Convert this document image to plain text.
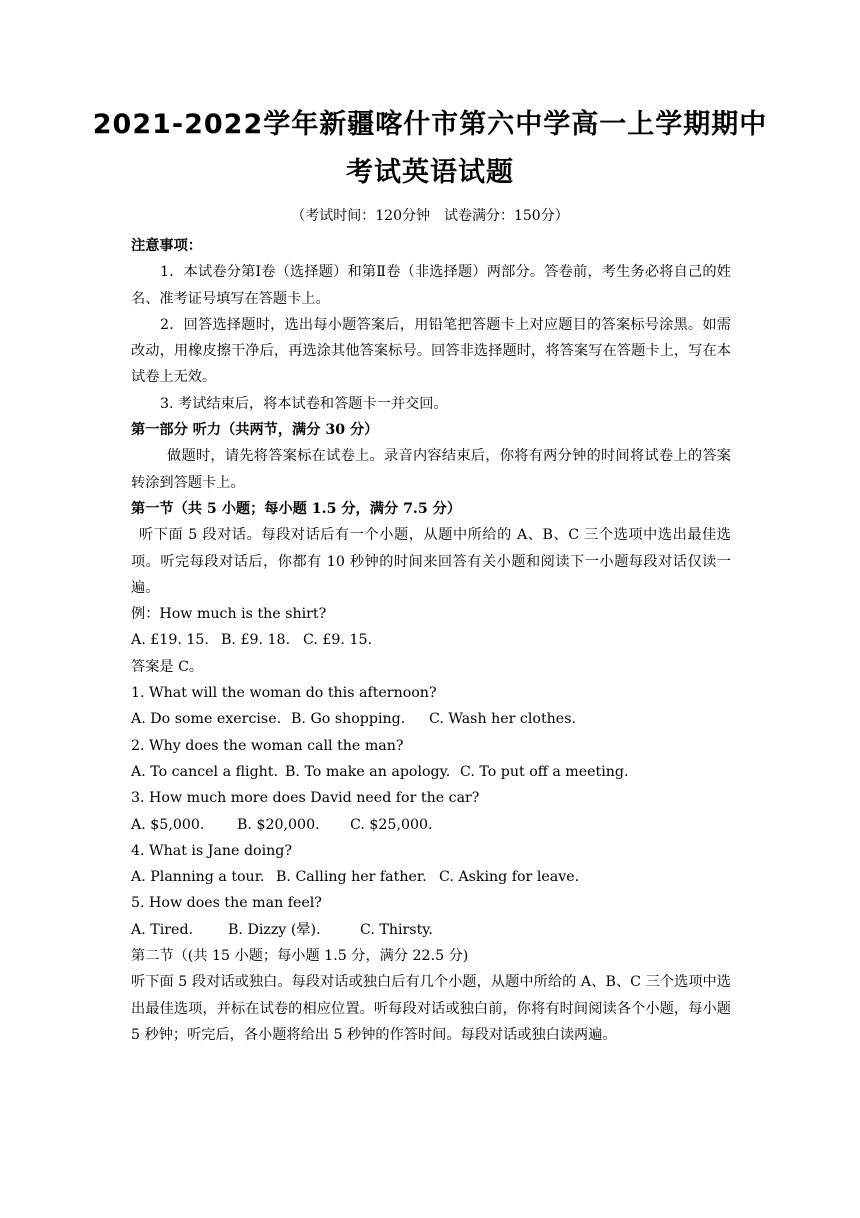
2021-2022学年新疆喀什市第六中学高一上学期期中
考试英语试题
（考试时间：120分钟　试卷满分：150分）

注意事项：

1．本试卷分第Ⅰ卷（选择题）和第Ⅱ卷（非选择题）两部分。答卷前，考生务必将自己的姓名、准考证号填写在答题卡上。

2．回答选择题时，选出每小题答案后，用铅笔把答题卡上对应题目的答案标号涂黑。如需改动，用橡皮擦干净后，再选涂其他答案标号。回答非选择题时，将答案写在答题卡上，写在本试卷上无效。

3. 考试结束后，将本试卷和答题卡一并交回。

第一部分 听力（共两节，满分 30 分）

做题时，请先将答案标在试卷上。录音内容结束后，你将有两分钟的时间将试卷上的答案转涂到答题卡上。

第一节（共 5 小题；每小题 1.5 分，满分 7.5 分）

听下面 5 段对话。每段对话后有一个小题，从题中所给的 A、B、C 三个选项中选出最佳选项。听完每段对话后，你都有 10 秒钟的时间来回答有关小题和阅读下一小题每段对话仅读一遍。

例：How much is the shirt?

A. £19. 15. B. £9. 18. C. £9. 15.

答案是 C。

1. What will the woman do this afternoon?

A. Do some exercise. B. Go shopping. C. Wash her clothes.

2. Why does the woman call the man?

A. To cancel a flight. B. To make an apology. C. To put off a meeting.

3. How much more does David need for the car?

A. $5,000. B. $20,000. C. $25,000.

4. What is Jane doing?

A. Planning a tour. B. Calling her father. C. Asking for leave.

5. How does the man feel?

A. Tired. B. Dizzy (晕).	C. Thirsty.

第二节（(共 15 小题；每小题 1.5 分，满分 22.5 分)

听下面 5 段对话或独白。每段对话或独白后有几个小题，从题中所给的 A、B、C 三个选项中选出最佳选项，并标在试卷的相应位置。听每段对话或独白前，你将有时间阅读各个小题，每小题 5 秒钟；听完后，各小题将给出 5 秒钟的作答时间。每段对话或独白读两遍。
